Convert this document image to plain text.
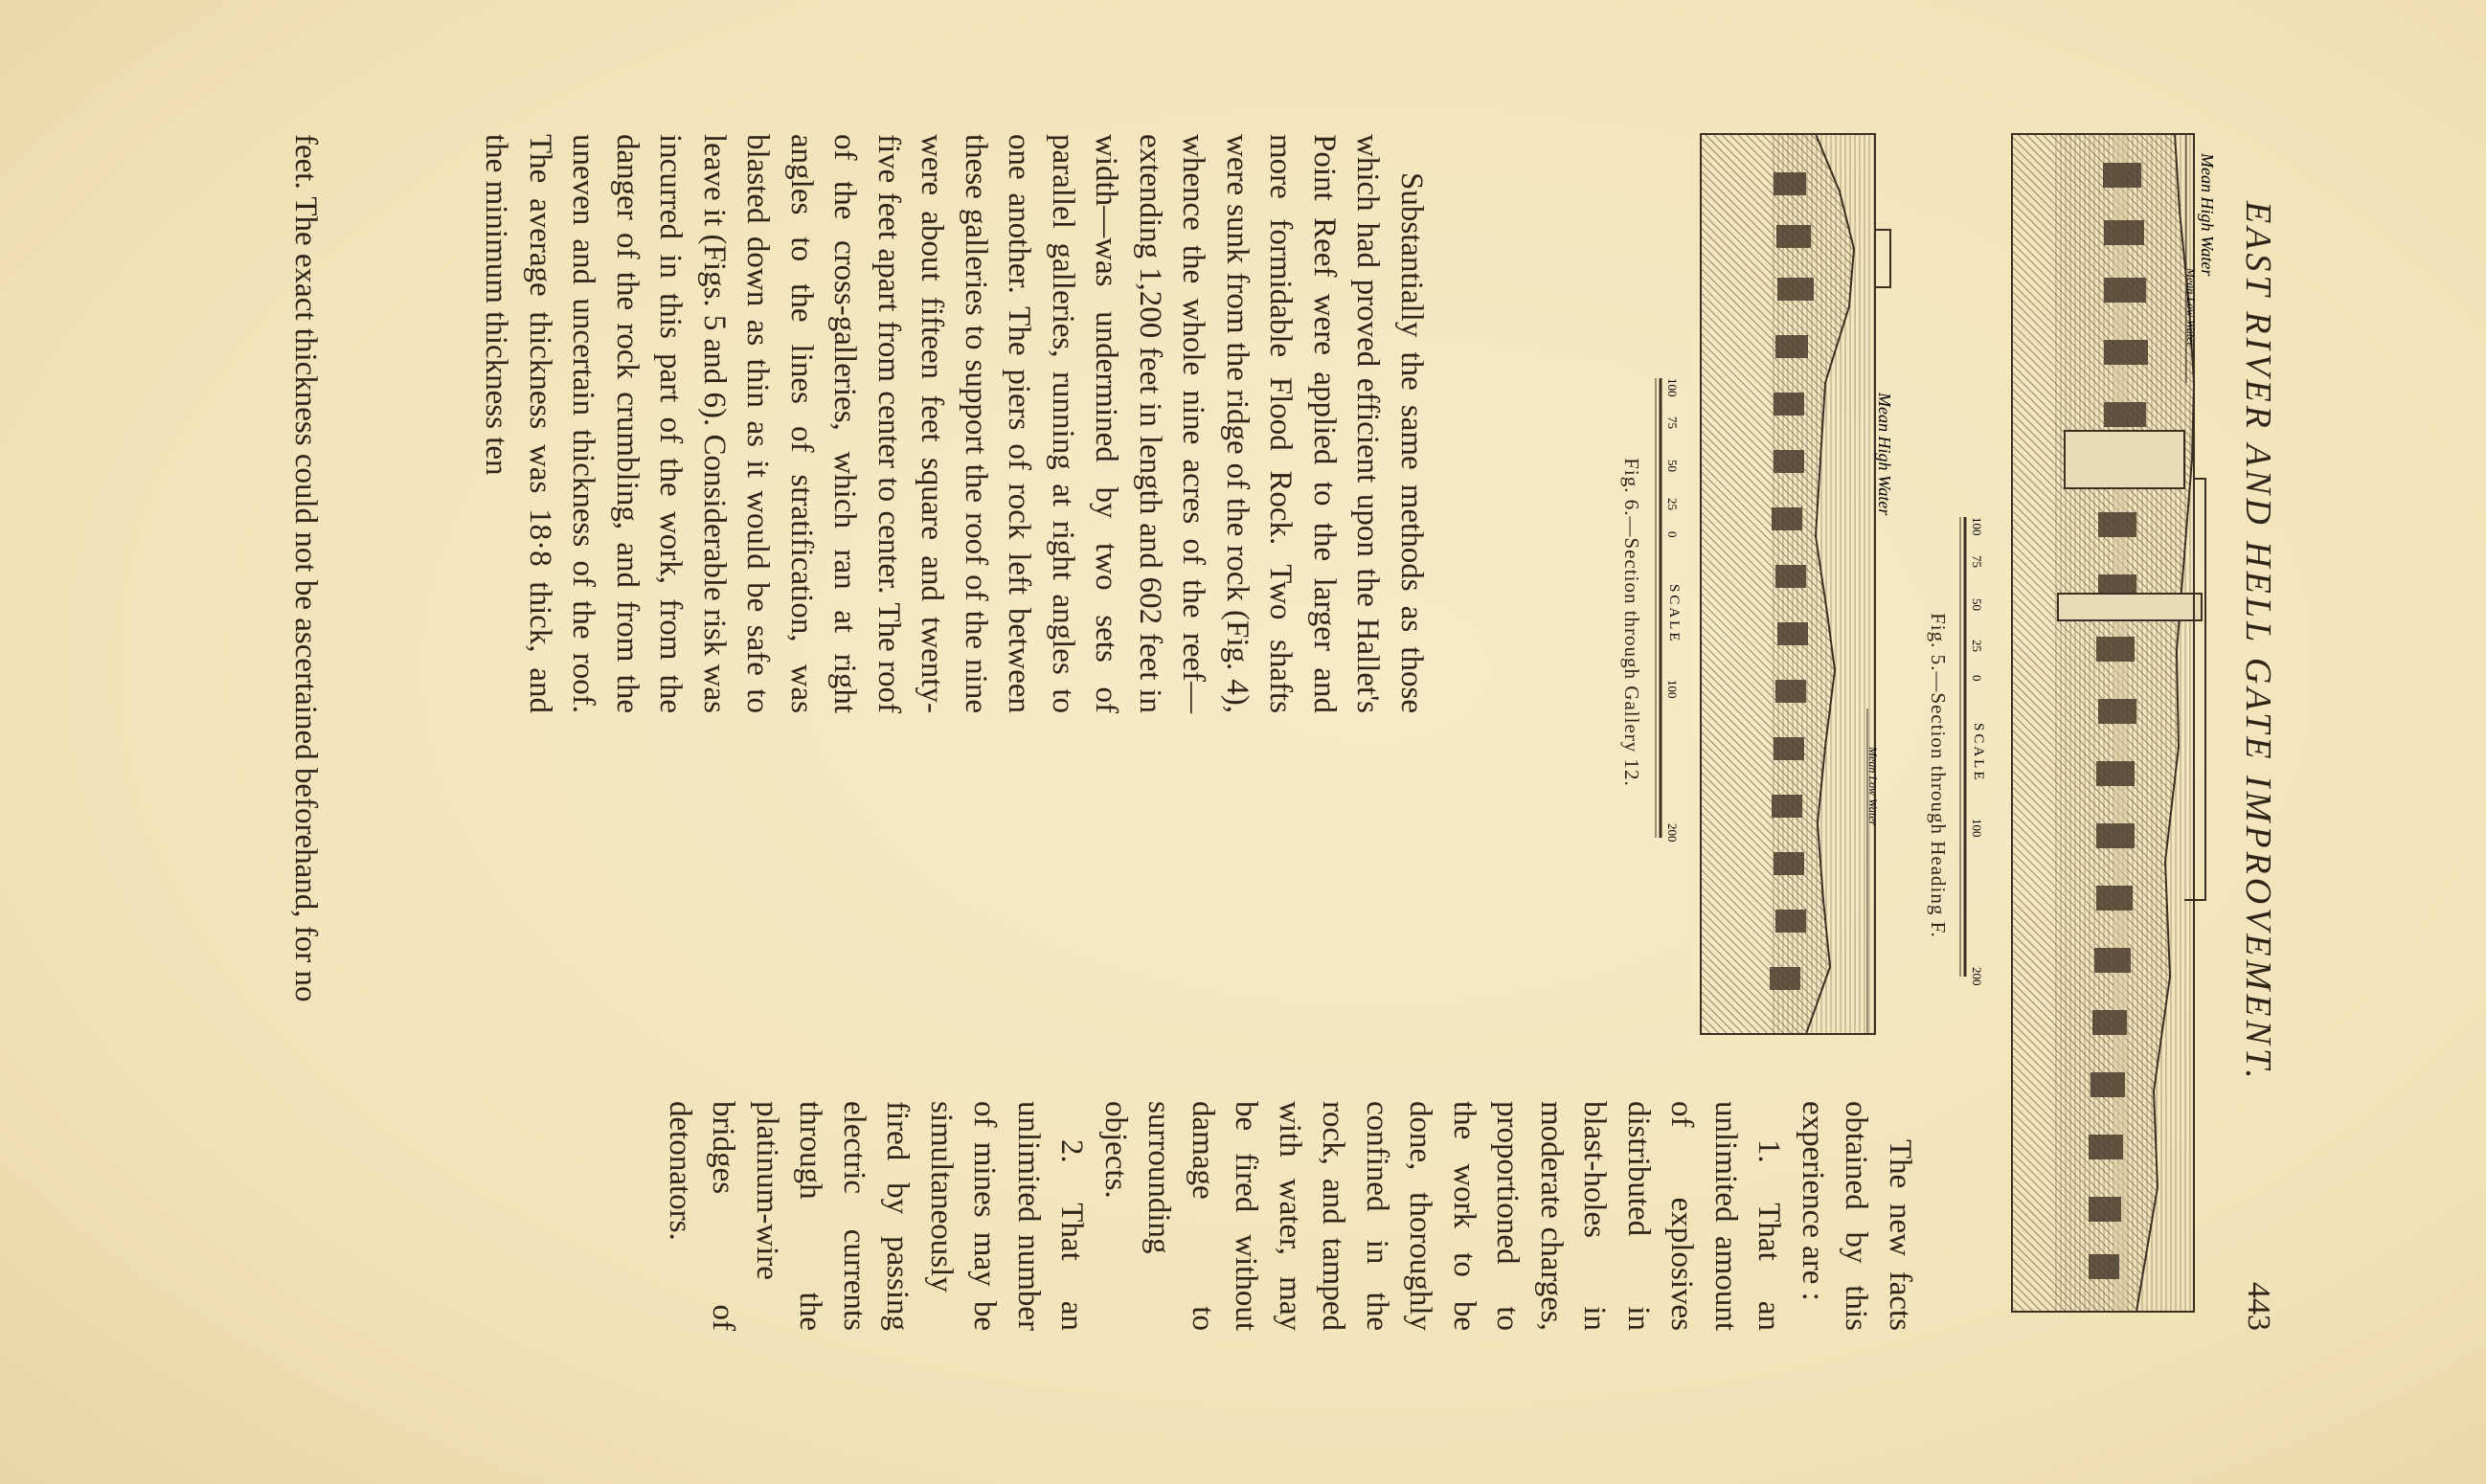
EAST RIVER AND HELL GATE IMPROVEMENT.
443
Mean High Water
Mean Low Water
100
75
50
25
0
SCALE
100
200
Fig. 5.—Section through Heading F.

The new facts obtained by this experience are :

1. That an unlimited amount of explosives distributed in blast-holes in moderate charges, proportioned to the work to be done, thoroughly confined in the rock, and tamped with water, may be fired without damage to surrounding objects.

2. That an unlimited number of mines may be simultaneously fired by passing electric currents through the platinum-wire bridges of detonators.

Mean High Water
Mean Low Water
100
75
50
25
0
SCALE
100
200
Fig. 6.—Section through Gallery 12.

Substantially the same methods as those which had proved efficient upon the Hallet's Point Reef were applied to the larger and more formidable Flood Rock. Two shafts were sunk from the ridge of the rock (Fig. 4), whence the whole nine acres of the reef—extending 1,200 feet in length and 602 feet in width—was undermined by two sets of parallel galleries, running at right angles to one another. The piers of rock left between these galleries to support the roof of the nine were about fifteen feet square and twenty-five feet apart from center to center. The roof of the cross-galleries, which ran at right angles to the lines of stratification, was blasted down as thin as it would be safe to leave it (Figs. 5 and 6). Considerable risk was incurred in this part of the work, from the danger of the rock crumbling, and from the uneven and uncertain thickness of the roof. The average thickness was 18·8 thick, and the minimum thickness ten

feet. The exact thickness could not be ascertained beforehand, for no
